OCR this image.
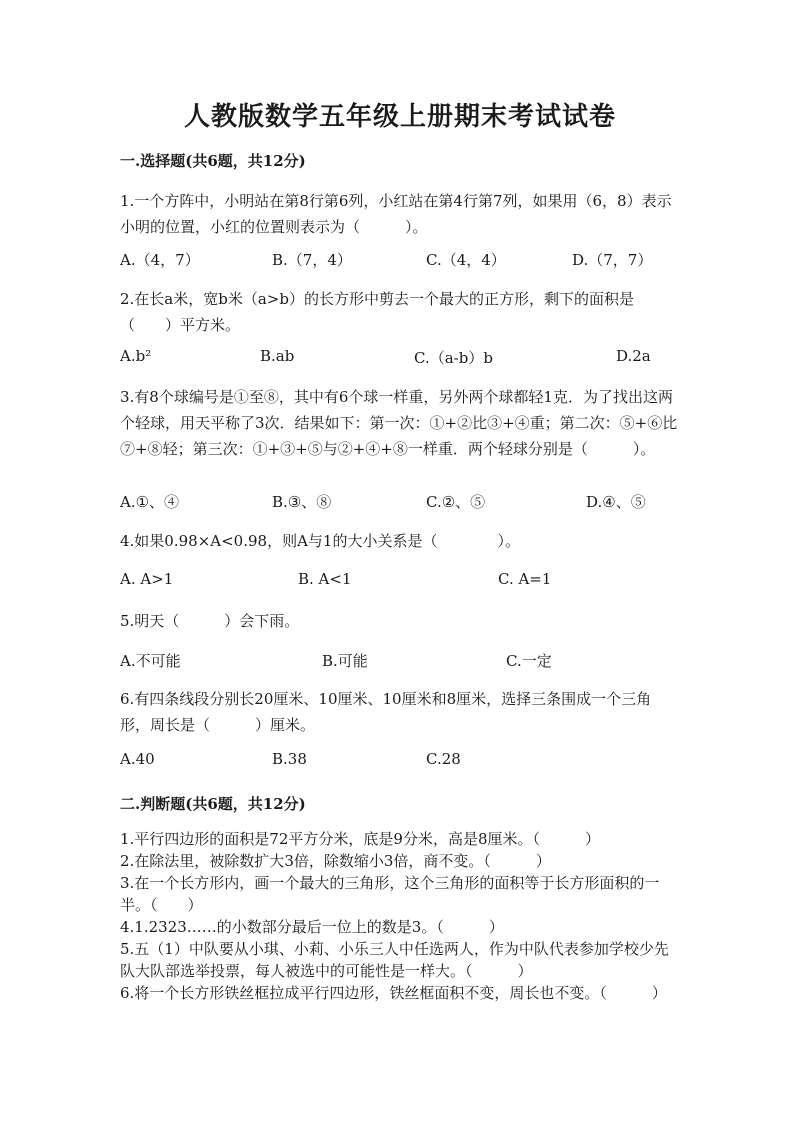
人教版数学五年级上册期末考试试卷
一.选择题(共6题，共12分)
1.一个方阵中，小明站在第8行第6列，小红站在第4行第7列，如果用（6，8）表示小明的位置，小红的位置则表示为（　　　）。
A.（4，7）	B.（7，4）	C.（4，4）	D.（7，7）
2.在长a米，宽b米（a>b）的长方形中剪去一个最大的正方形，剩下的面积是（　　）平方米。
A.b²	B.ab	C.（a-b）b	D.2a
3.有8个球编号是①至⑧，其中有6个球一样重，另外两个球都轻1克．为了找出这两个轻球，用天平称了3次．结果如下：第一次：①+②比③+④重；第二次：⑤+⑥比⑦+⑧轻；第三次：①+③+⑤与②+④+⑧一样重．两个轻球分别是（　　　）。
A.①、④	B.③、⑧	C.②、⑤	D.④、⑤
4.如果0.98×A<0.98，则A与1的大小关系是（　　　　）。
A. A>1	B. A<1	C. A=1
5.明天（　　　）会下雨。
A.不可能	B.可能	C.一定
6.有四条线段分别长20厘米、10厘米、10厘米和8厘米，选择三条围成一个三角形，周长是（　　　）厘米。
A.40	B.38	C.28
二.判断题(共6题，共12分)
1.平行四边形的面积是72平方分米，底是9分米，高是8厘米。（　　　）
2.在除法里，被除数扩大3倍，除数缩小3倍，商不变。（　　　）
3.在一个长方形内，画一个最大的三角形，这个三角形的面积等于长方形面积的一半。（　　）
4.1.2323……的小数部分最后一位上的数是3。（　　　）
5.五（1）中队要从小琪、小莉、小乐三人中任选两人，作为中队代表参加学校少先队大队部选举投票，每人被选中的可能性是一样大。（　　　）
6.将一个长方形铁丝框拉成平行四边形，铁丝框面积不变，周长也不变。（　　　）
